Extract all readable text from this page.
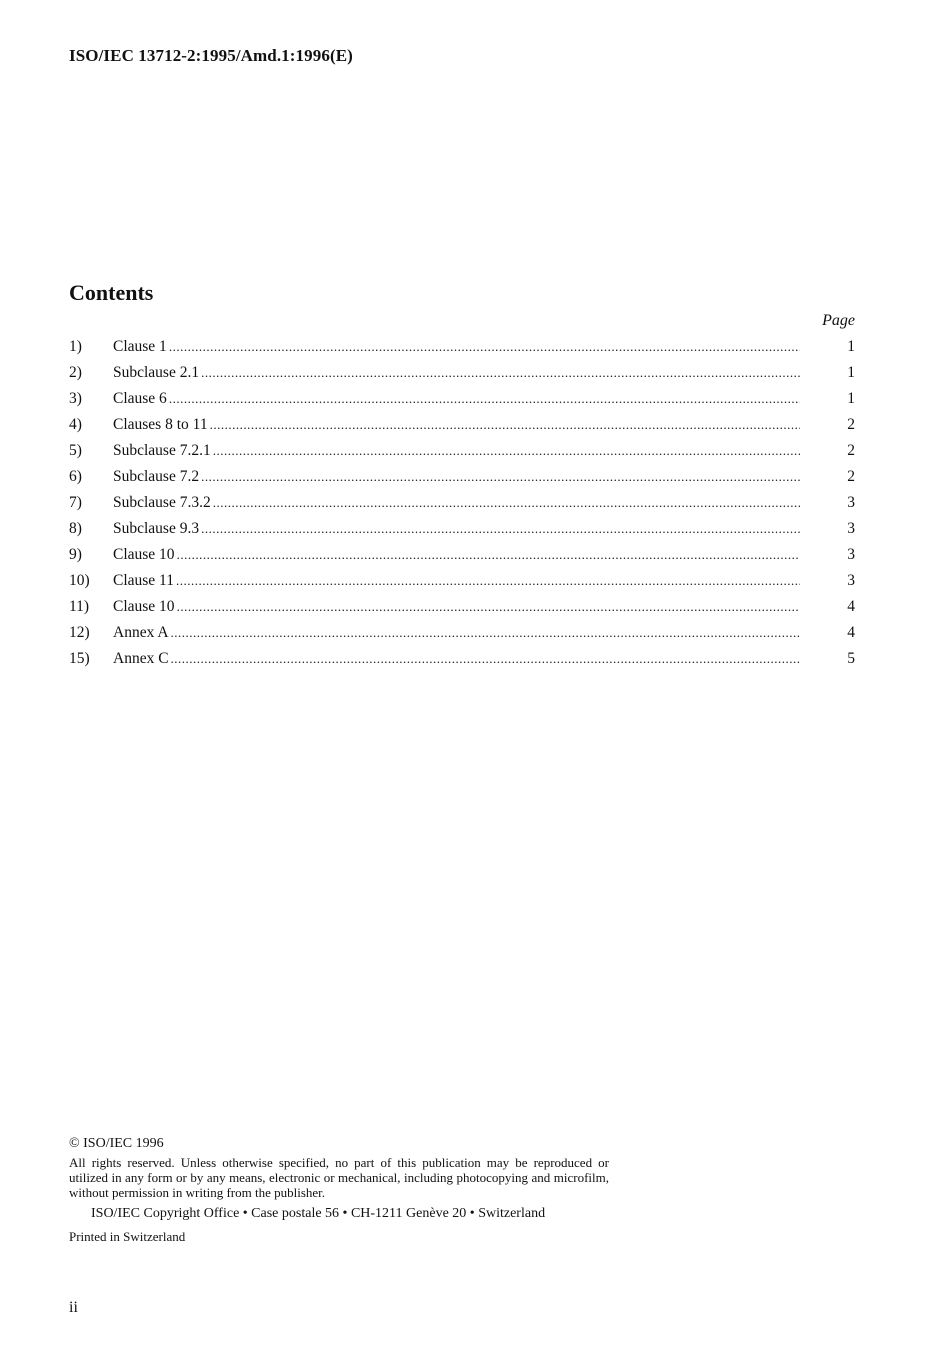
ISO/IEC 13712-2:1995/Amd.1:1996(E)
Contents
Page
1)	Clause 1 .....	1
2)	Subclause 2.1 .....	1
3)	Clause 6 .....	1
4)	Clauses 8 to 11 .....	2
5)	Subclause 7.2.1 .....	2
6)	Subclause 7.2 .....	2
7)	Subclause 7.3.2 .....	3
8)	Subclause 9.3 .....	3
9)	Clause 10 .....	3
10)	Clause 11 .....	3
11)	Clause 10 .....	4
12)	Annex A .....	4
15)	Annex C .....	5
© ISO/IEC 1996
All rights reserved. Unless otherwise specified, no part of this publication may be reproduced or utilized in any form or by any means, electronic or mechanical, including photocopying and microfilm, without permission in writing from the publisher.
ISO/IEC Copyright Office • Case postale 56 • CH-1211 Genève 20 • Switzerland
Printed in Switzerland
ii
